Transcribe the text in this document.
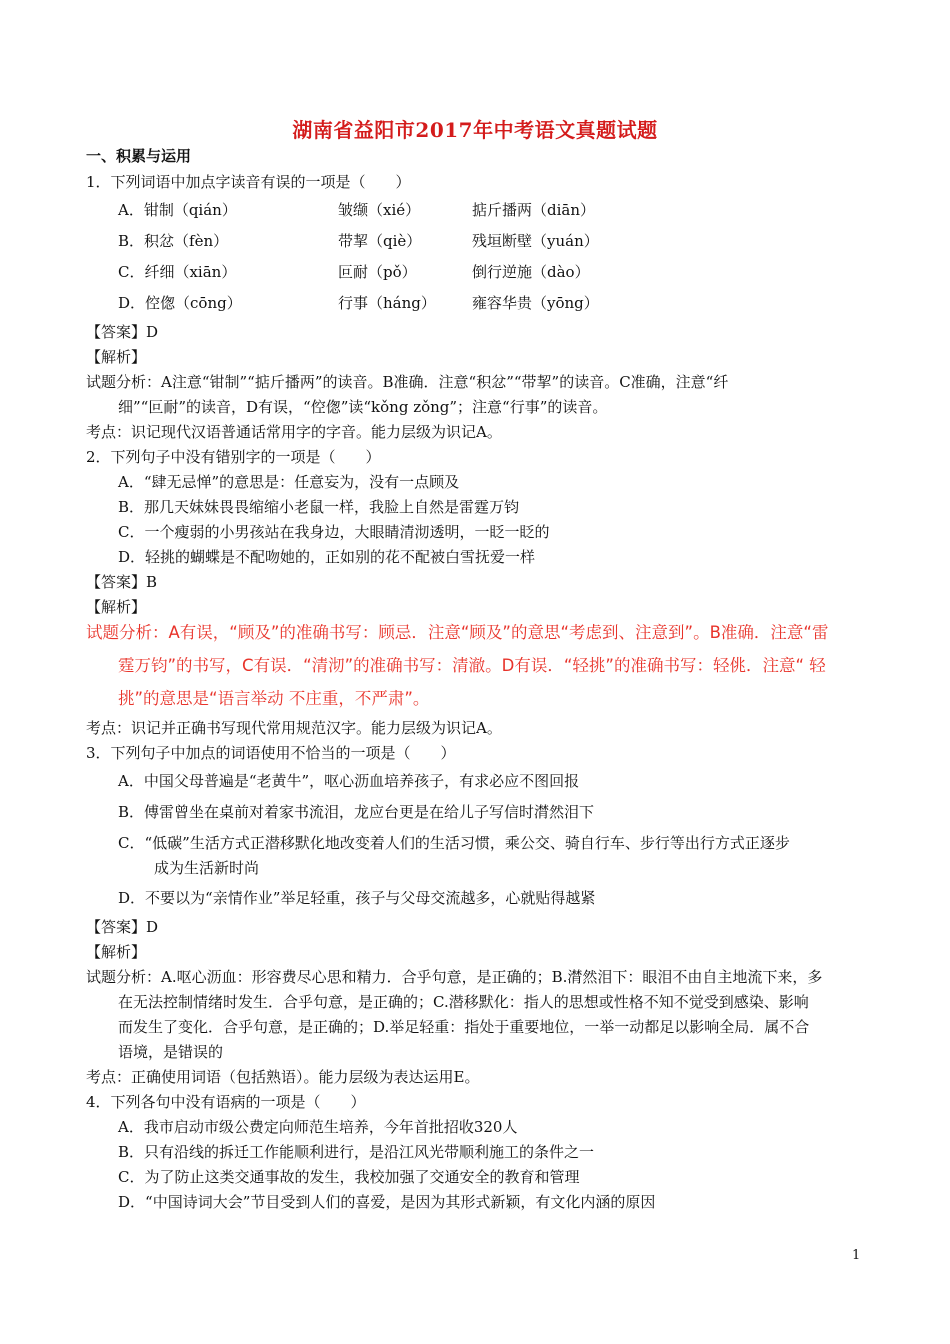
湖南省益阳市2017年中考语文真题试题
一、积累与运用
1．下列词语中加点字读音有误的一项是（　　）
A．钳制（qián）	皱缬（xié）	掂斤播两（diān）
B．积忿（fèn）	带挈（qiè）	残垣断壁（yuán）
C．纤细（xiān）	叵耐（pǒ）	倒行逆施（dào）
D．倥偬（cōng）	行事（háng） 雍容华贵（yōng）
【答案】D
【解析】
试题分析：A注意“钳制”“掂斤播两”的读音。B准确．注意“积忿”“带挈”的读音。C准确，注意“纤
细”“叵耐”的读音，D有误，“倥偬”读“kǒng zǒng”；注意“行事”的读音。
考点：识记现代汉语普通话常用字的字音。能力层级为识记A。
2．下列句子中没有错别字的一项是（　　）
A．“肆无忌惮”的意思是：任意妄为，没有一点顾及
B．那几天妹妹畏畏缩缩小老鼠一样，我脸上自然是雷霆万钧
C．一个瘦弱的小男孩站在我身边，大眼睛清沏透明，一眨一眨的
D．轻挑的蝴蝶是不配吻她的，正如别的花不配被白雪抚爱一样
【答案】B
【解析】
试题分析：A有误，“顾及”的准确书写：顾忌．注意“顾及”的意思“考虑到、注意到”。B准确．注意“雷
霆万钧”的书写，C有误．“清沏”的准确书写：清澈。D有误．“轻挑”的准确书写：轻佻．注意“ 轻
挑”的意思是“语言举动 不庄重，不严肃”。
考点：识记并正确书写现代常用规范汉字。能力层级为识记A。
3．下列句子中加点的词语使用不恰当的一项是（　　）
A．中国父母普遍是“老黄牛”，呕心沥血培养孩子，有求必应不图回报
B．傅雷曾坐在桌前对着家书流泪，龙应台更是在给儿子写信时潸然泪下
C．“低碳”生活方式正潜移默化地改变着人们的生活习惯，乘公交、骑自行车、步行等出行方式正逐步
成为生活新时尚
D．不要以为“亲情作业”举足轻重，孩子与父母交流越多，心就贴得越紧
【答案】D
【解析】
试题分析：A.呕心沥血：形容费尽心思和精力．合乎句意，是正确的；B.潸然泪下：眼泪不由自主地流下来，多
在无法控制情绪时发生．合乎句意，是正确的；C.潜移默化：指人的思想或性格不知不觉受到感染、影响
而发生了变化．合乎句意，是正确的；D.举足轻重：指处于重要地位，一举一动都足以影响全局．属不合
语境，是错误的
考点：正确使用词语（包括熟语）。能力层级为表达运用E。
4．下列各句中没有语病的一项是（　　）
A．我市启动市级公费定向师范生培养，今年首批招收320人
B．只有沿线的拆迁工作能顺利进行，是沿江风光带顺利施工的条件之一
C．为了防止这类交通事故的发生，我校加强了交通安全的教育和管理
D．“中国诗词大会”节目受到人们的喜爱，是因为其形式新颖，有文化内涵的原因
1
